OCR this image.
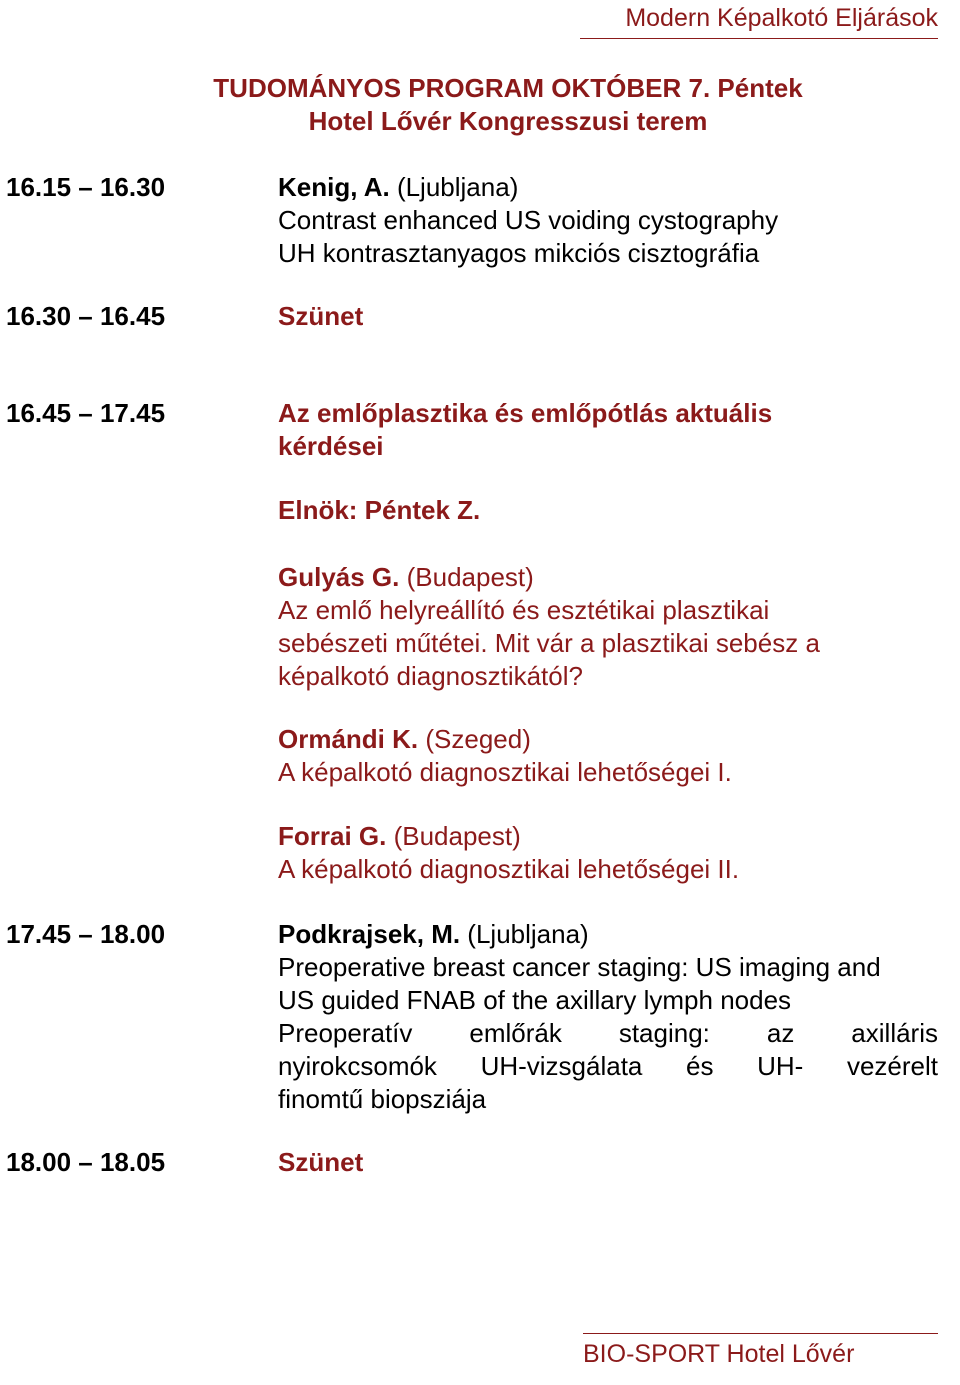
Modern Képalkotó Eljárások
TUDOMÁNYOS PROGRAM OKTÓBER 7. Péntek
Hotel Lővér Kongresszusi terem
16.15 – 16.30	Kenig, A. (Ljubljana)
Contrast enhanced US voiding cystography
UH kontrasztanyagos mikciós cisztográfia
16.30 – 16.45	Szünet
16.45 – 17.45	Az emlőplasztika és emlőpótlás aktuális
kérdései
Elnök: Péntek Z.
Gulyás G. (Budapest)
Az emlő helyreállító és esztétikai plasztikai
sebészeti műtétei. Mit vár a plasztikai sebész a
képalkotó diagnosztikától?
Ormándi K. (Szeged)
A képalkotó diagnosztikai lehetőségei I.
Forrai G. (Budapest)
A képalkotó diagnosztikai lehetőségei II.
17.45 – 18.00	Podkrajsek, M. (Ljubljana)
Preoperative breast cancer staging: US imaging and
US guided FNAB of the axillary lymph nodes
Preoperatív emlőrák staging: az axilláris
nyirokcsomók UH-vizsgálata és UH- vezérelt
finomtű biopsziája
18.00 – 18.05	Szünet
BIO-SPORT Hotel Lővér
